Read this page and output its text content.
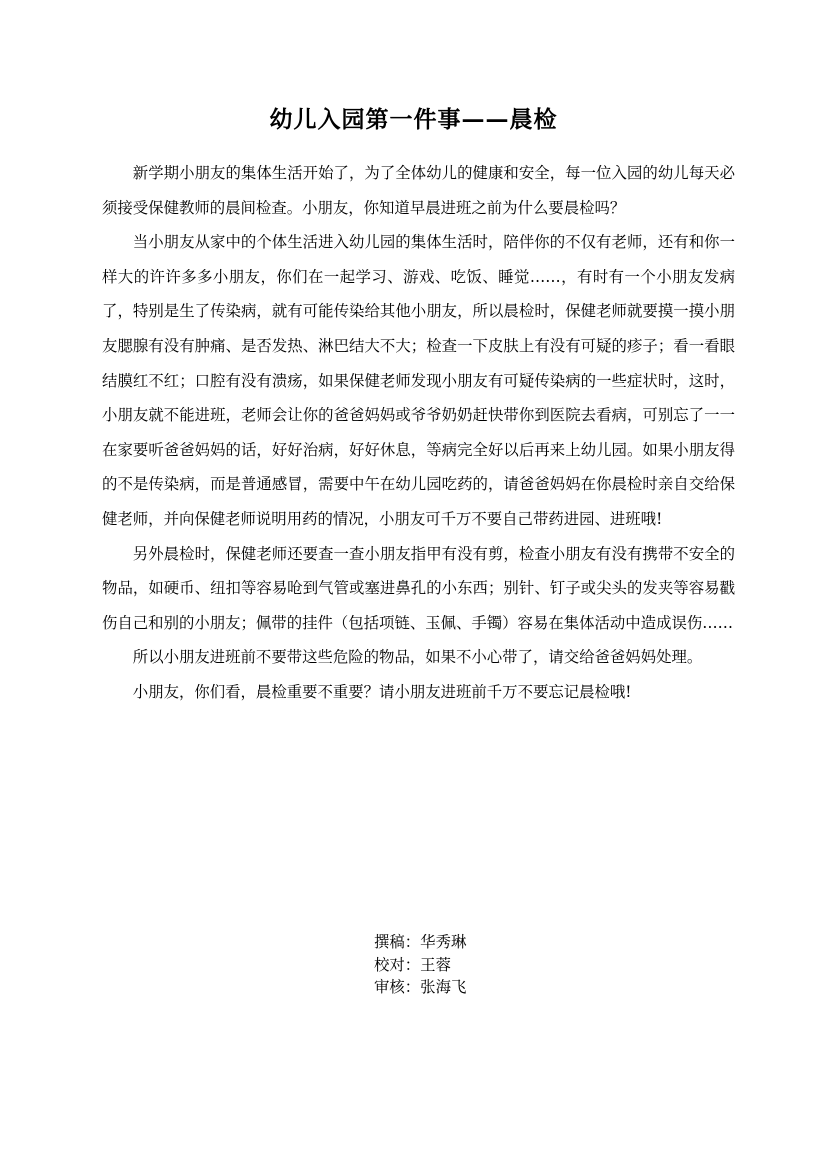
幼儿入园第一件事——晨检

新学期小朋友的集体生活开始了，为了全体幼儿的健康和安全，每一位入园的幼儿每天必须接受保健教师的晨间检查。小朋友，你知道早晨进班之前为什么要晨检吗？

当小朋友从家中的个体生活进入幼儿园的集体生活时，陪伴你的不仅有老师，还有和你一样大的许许多多小朋友，你们在一起学习、游戏、吃饭、睡觉……，有时有一个小朋友发病了，特别是生了传染病，就有可能传染给其他小朋友，所以晨检时，保健老师就要摸一摸小朋友腮腺有没有肿痛、是否发热、淋巴结大不大；检查一下皮肤上有没有可疑的疹子；看一看眼结膜红不红；口腔有没有溃疡，如果保健老师发现小朋友有可疑传染病的一些症状时，这时，小朋友就不能进班，老师会让你的爸爸妈妈或爷爷奶奶赶快带你到医院去看病，可别忘了一一在家要听爸爸妈妈的话，好好治病，好好休息，等病完全好以后再来上幼儿园。如果小朋友得的不是传染病，而是普通感冒，需要中午在幼儿园吃药的，请爸爸妈妈在你晨检时亲自交给保健老师，并向保健老师说明用药的情况，小朋友可千万不要自己带药进园、进班哦!

另外晨检时，保健老师还要查一查小朋友指甲有没有剪，检查小朋友有没有携带不安全的物品，如硬币、纽扣等容易呛到气管或塞进鼻孔的小东西；别针、钉子或尖头的发夹等容易戳伤自己和别的小朋友；佩带的挂件（包括项链、玉佩、手镯）容易在集体活动中造成误伤……

所以小朋友进班前不要带这些危险的物品，如果不小心带了，请交给爸爸妈妈处理。

小朋友，你们看，晨检重要不重要？请小朋友进班前千万不要忘记晨检哦!

撰稿：华秀琳

校对：王蓉

审核：张海飞
